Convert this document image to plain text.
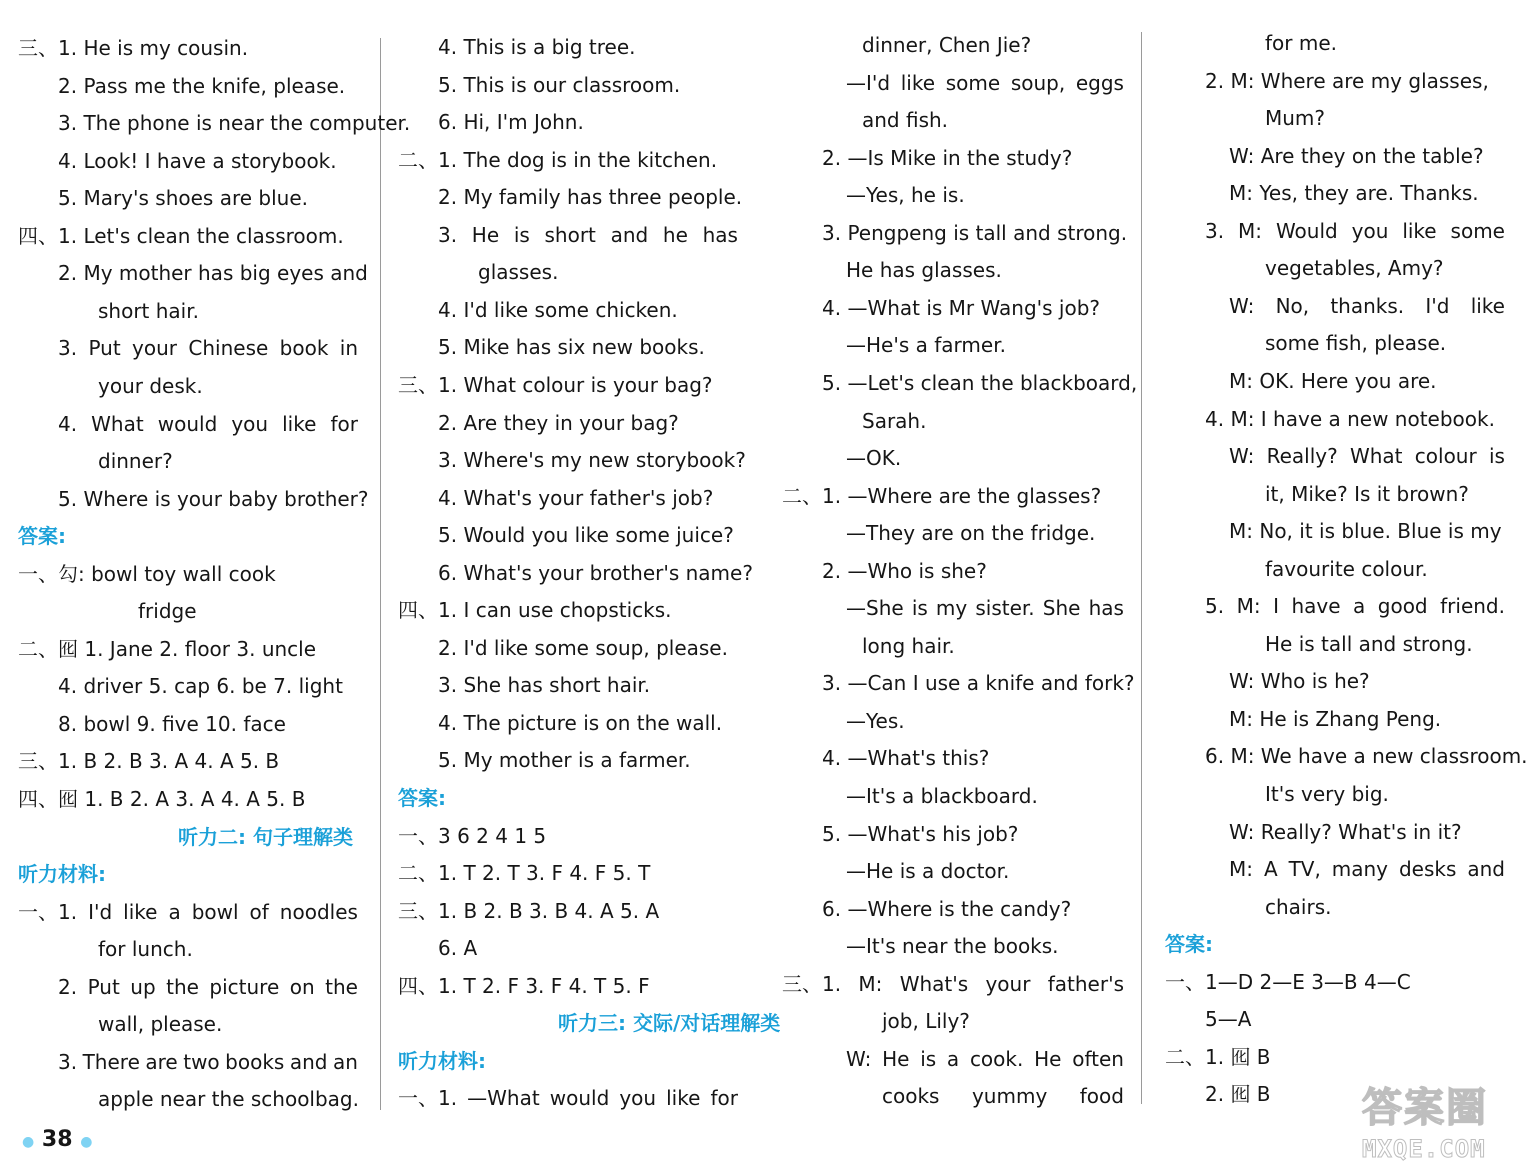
● 38 ●
答案圈
MXQE.COM
三、1. He is my cousin.
2. Pass me the knife, please.
3. The phone is near the computer.
4. Look! I have a storybook.
5. Mary's shoes are blue.
四、1. Let's clean the classroom.
2. My mother has big eyes and
short hair.
3. Put your Chinese book in
your desk.
4. What would you like for
dinner?
5. Where is your baby brother?
答案:
一、勾: bowl toy wall cook
fridge
二、囮 1. Jane 2. floor 3. uncle
4. driver 5. cap 6. be 7. light
8. bowl 9. five 10. face
三、1. B 2. B 3. A 4. A 5. B
四、囮 1. B 2. A 3. A 4. A 5. B
听力二: 句子理解类
听力材料:
一、1. I'd like a bowl of noodles
for lunch.
2. Put up the picture on the
wall, please.
3. There are two books and an
apple near the schoolbag.
4. This is a big tree.
5. This is our classroom.
6. Hi, I'm John.
二、1. The dog is in the kitchen.
2. My family has three people.
3. He is short and he has
glasses.
4. I'd like some chicken.
5. Mike has six new books.
三、1. What colour is your bag?
2. Are they in your bag?
3. Where's my new storybook?
4. What's your father's job?
5. Would you like some juice?
6. What's your brother's name?
四、1. I can use chopsticks.
2. I'd like some soup, please.
3. She has short hair.
4. The picture is on the wall.
5. My mother is a farmer.
答案:
一、3 6 2 4 1 5
二、1. T 2. T 3. F 4. F 5. T
三、1. B 2. B 3. B 4. A 5. A
6. A
四、1. T 2. F 3. F 4. T 5. F
听力三: 交际/对话理解类
听力材料:
一、1. —What would you like for
dinner, Chen Jie?
—I'd like some soup, eggs
and fish.
2. —Is Mike in the study?
—Yes, he is.
3. Pengpeng is tall and strong.
He has glasses.
4. —What is Mr Wang's job?
—He's a farmer.
5. —Let's clean the blackboard,
Sarah.
—OK.
二、1. —Where are the glasses?
—They are on the fridge.
2. —Who is she?
—She is my sister. She has
long hair.
3. —Can I use a knife and fork?
—Yes.
4. —What's this?
—It's a blackboard.
5. —What's his job?
—He is a doctor.
6. —Where is the candy?
—It's near the books.
三、1. M: What's your father's
job, Lily?
W: He is a cook. He often
cooks yummy food
for me.
2. M: Where are my glasses,
Mum?
W: Are they on the table?
M: Yes, they are. Thanks.
3. M: Would you like some
vegetables, Amy?
W: No, thanks. I'd like
some fish, please.
M: OK. Here you are.
4. M: I have a new notebook.
W: Really? What colour is
it, Mike? Is it brown?
M: No, it is blue. Blue is my
favourite colour.
5. M: I have a good friend.
He is tall and strong.
W: Who is he?
M: He is Zhang Peng.
6. M: We have a new classroom.
It's very big.
W: Really? What's in it?
M: A TV, many desks and
chairs.
答案:
一、1—D 2—E 3—B 4—C
5—A
二、1. 囮 B
2. 囮 B
